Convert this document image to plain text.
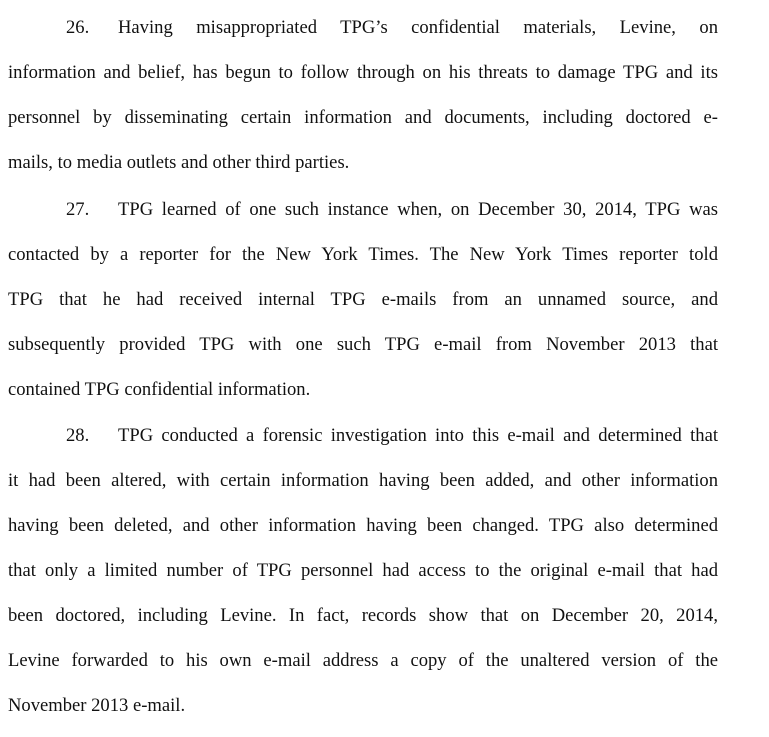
26. Having misappropriated TPG’s confidential materials, Levine, on
information and belief, has begun to follow through on his threats to damage TPG and its
personnel by disseminating certain information and documents, including doctored e-
mails, to media outlets and other third parties.
27. TPG learned of one such instance when, on December 30, 2014, TPG was
contacted by a reporter for the New York Times. The New York Times reporter told
TPG that he had received internal TPG e-mails from an unnamed source, and
subsequently provided TPG with one such TPG e-mail from November 2013 that
contained TPG confidential information.
28. TPG conducted a forensic investigation into this e-mail and determined that
it had been altered, with certain information having been added, and other information
having been deleted, and other information having been changed. TPG also determined
that only a limited number of TPG personnel had access to the original e-mail that had
been doctored, including Levine. In fact, records show that on December 20, 2014,
Levine forwarded to his own e-mail address a copy of the unaltered version of the
November 2013 e-mail.
